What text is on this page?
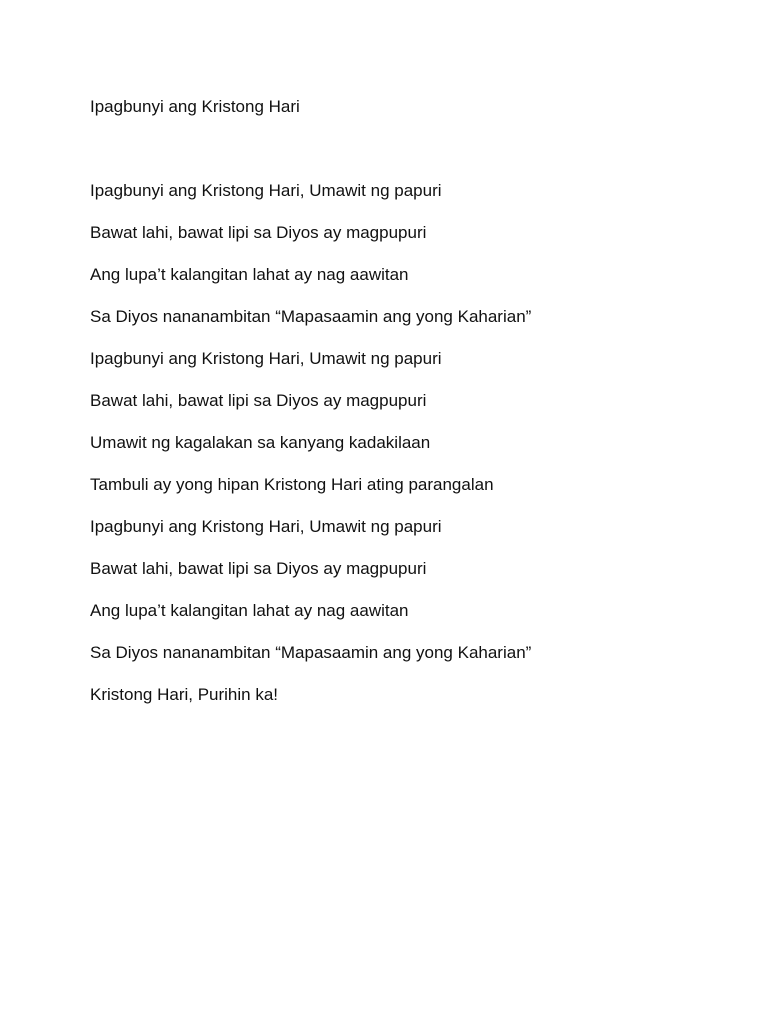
Ipagbunyi ang Kristong Hari
Ipagbunyi ang Kristong Hari, Umawit ng papuri
Bawat lahi, bawat lipi sa Diyos ay magpupuri
Ang lupa’t kalangitan lahat ay nag aawitan
Sa Diyos nananambitan “Mapasaamin ang yong Kaharian”
Ipagbunyi ang Kristong Hari, Umawit ng papuri
Bawat lahi, bawat lipi sa Diyos ay magpupuri
Umawit ng kagalakan sa kanyang kadakilaan
Tambuli ay yong hipan Kristong Hari ating parangalan
Ipagbunyi ang Kristong Hari, Umawit ng papuri
Bawat lahi, bawat lipi sa Diyos ay magpupuri
Ang lupa’t kalangitan lahat ay nag aawitan
Sa Diyos nananambitan “Mapasaamin ang yong Kaharian”
Kristong Hari, Purihin ka!
